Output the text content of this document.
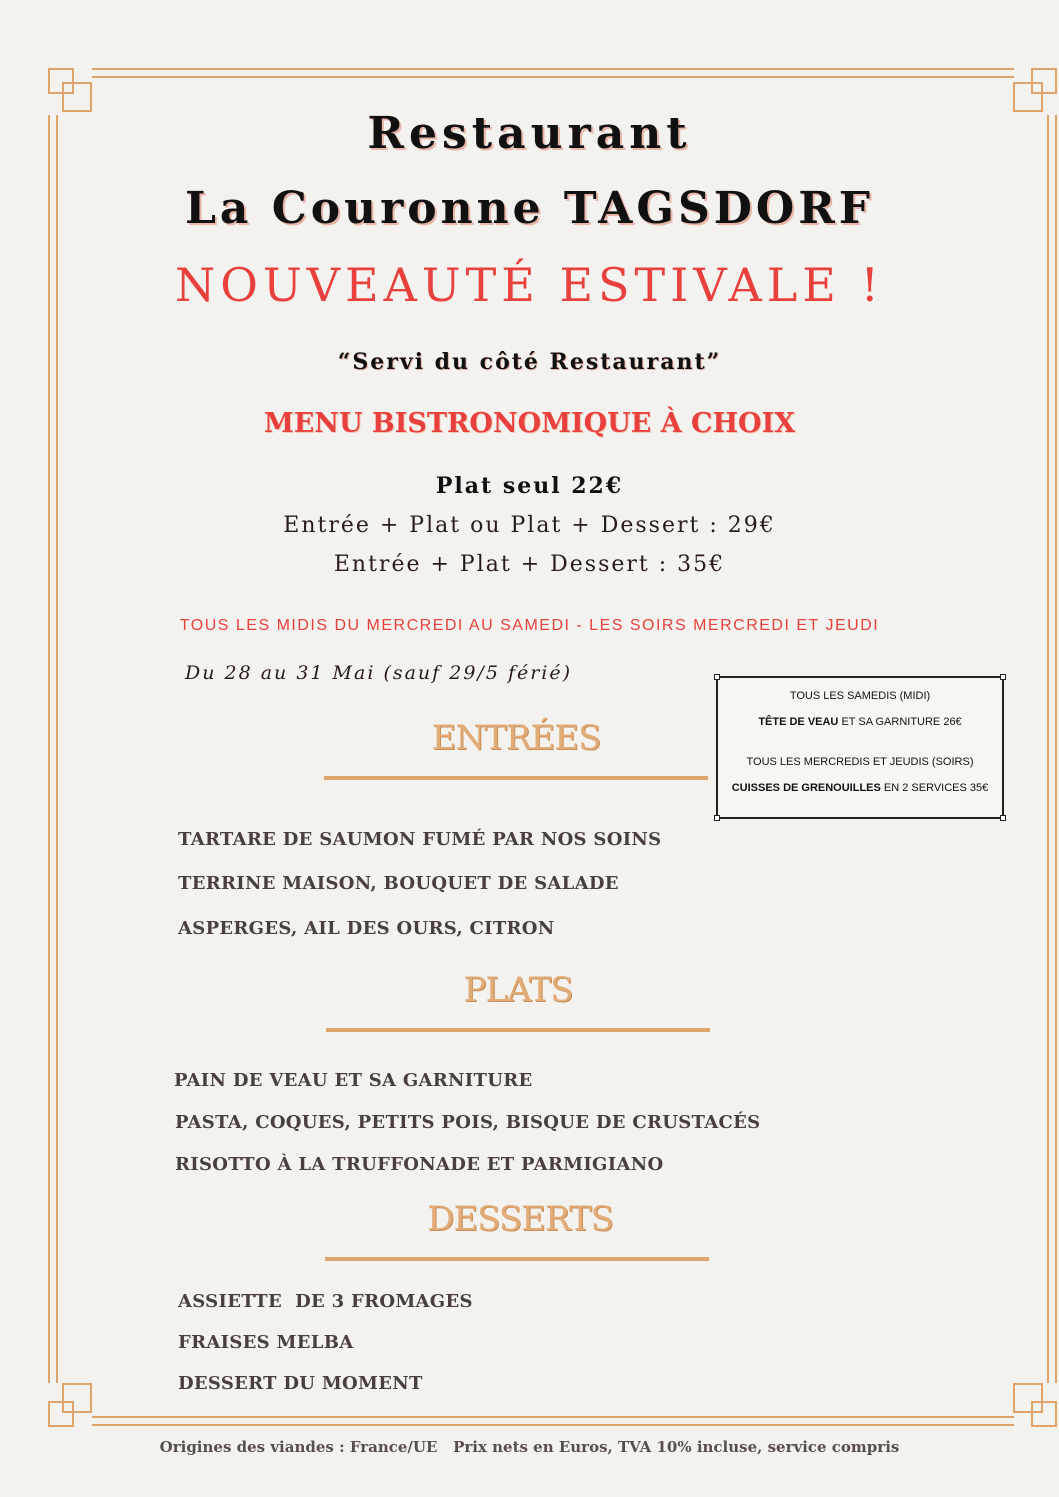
Restaurant
La Couronne TAGSDORF
NOUVEAUTÉ ESTIVALE !
“Servi du côté Restaurant”
MENU BISTRONOMIQUE À CHOIX
Plat seul 22€
Entrée + Plat ou Plat + Dessert : 29€
Entrée + Plat + Dessert : 35€
TOUS LES MIDIS DU MERCREDI AU SAMEDI - LES SOIRS MERCREDI ET JEUDI
Du 28 au 31 Mai (sauf 29/5 férié)
TOUS LES SAMEDIS (MIDI)
TÊTE DE VEAU ET SA GARNITURE 26€
TOUS LES MERCREDIS ET JEUDIS (SOIRS)
CUISSES DE GRENOUILLES EN 2 SERVICES 35€
ENTRÉES
TARTARE DE SAUMON FUMÉ PAR NOS SOINS
TERRINE MAISON, BOUQUET DE SALADE
ASPERGES, AIL DES OURS, CITRON
PLATS
PAIN DE VEAU ET SA GARNITURE
PASTA, COQUES, PETITS POIS, BISQUE DE CRUSTACÉS
RISOTTO À LA TRUFFONADE ET PARMIGIANO
DESSERTS
ASSIETTE  DE 3 FROMAGES
FRAISES MELBA
DESSERT DU MOMENT
Origines des viandes : France/UE   Prix nets en Euros, TVA 10% incluse, service compris
